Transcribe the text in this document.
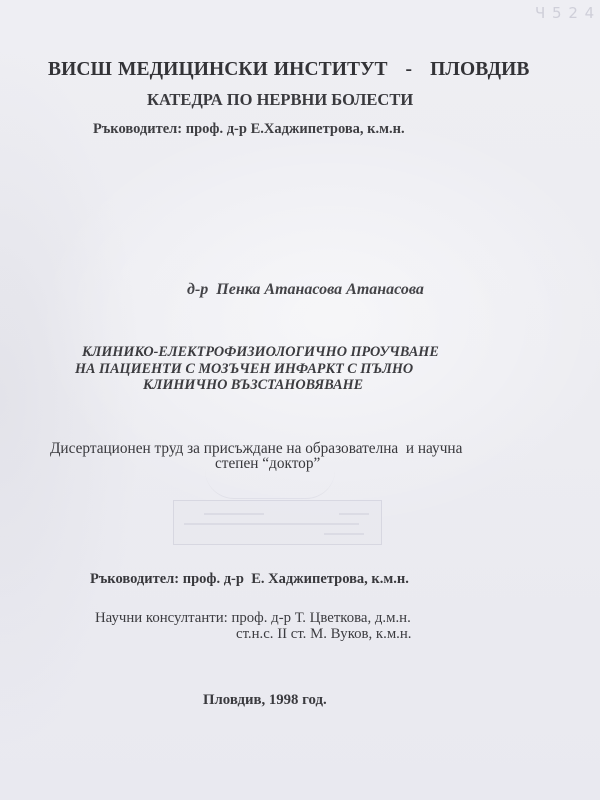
Ч 5 2 4
ВИСШ МЕДИЦИНСКИ ИНСТИТУТ   -   ПЛОВДИВ
КАТЕДРА ПО НЕРВНИ БОЛЕСТИ
Ръководител: проф. д-р Е.Хаджипетрова, к.м.н.
д-р  Пенка Атанасова Атанасова
КЛИНИКО-ЕЛЕКТРОФИЗИОЛОГИЧНО ПРОУЧВАНЕ
НА ПАЦИЕНТИ С МОЗЪЧЕН ИНФАРКТ С ПЪЛНО
КЛИНИЧНО ВЪЗСТАНОВЯВАНЕ
Дисертационен труд за присъждане на образователна  и научна
степен “доктор”
Ръководител: проф. д-р  Е. Хаджипетрова, к.м.н.
Научни консултанти: проф. д-р Т. Цветкова, д.м.н.
ст.н.с. II ст. М. Вуков, к.м.н.
Пловдив, 1998 год.
